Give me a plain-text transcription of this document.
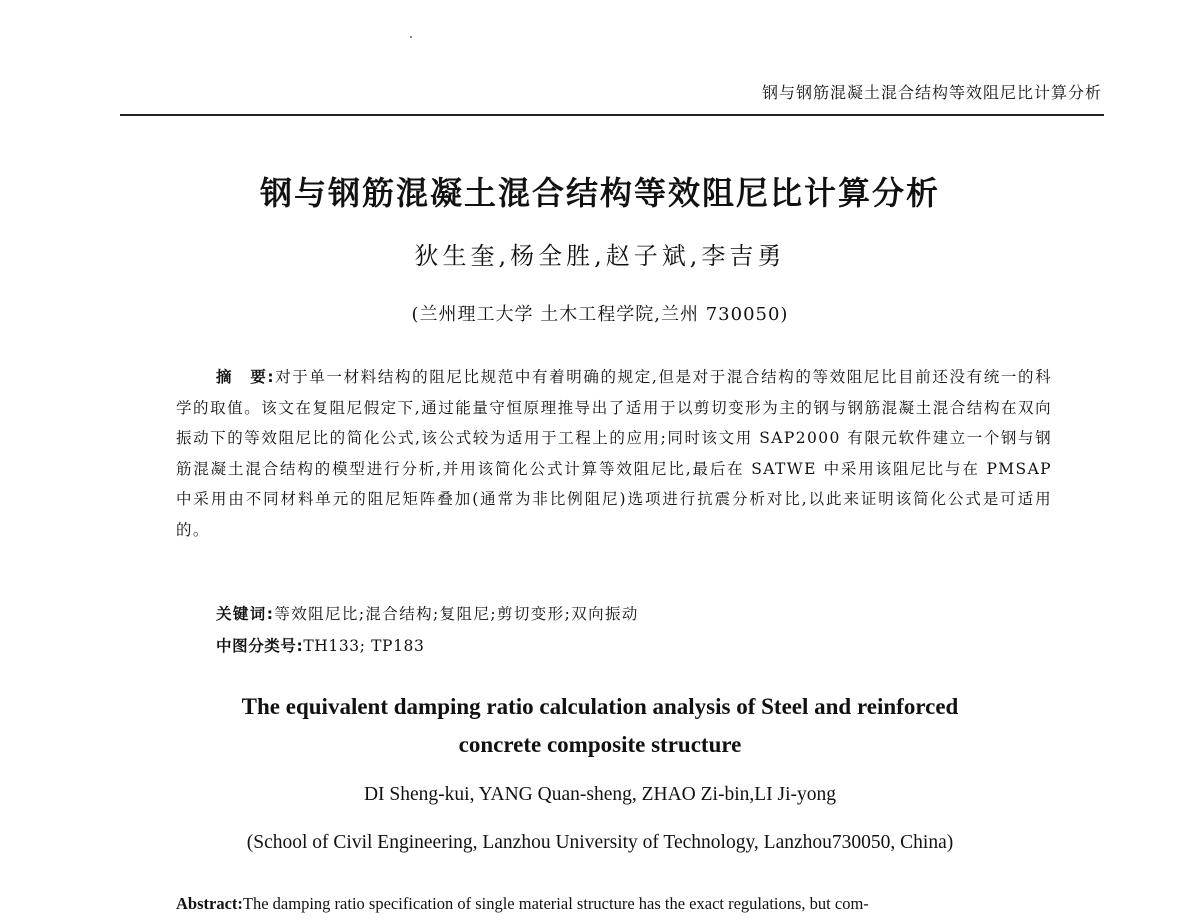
钢与钢筋混凝土混合结构等效阻尼比计算分析
钢与钢筋混凝土混合结构等效阻尼比计算分析
狄生奎,杨全胜,赵子斌,李吉勇
(兰州理工大学 土木工程学院,兰州 730050)

摘　要:对于单一材料结构的阻尼比规范中有着明确的规定,但是对于混合结构的等效阻尼比目前还没有统一的科学的取值。该文在复阻尼假定下,通过能量守恒原理推导出了适用于以剪切变形为主的钢与钢筋混凝土混合结构在双向振动下的等效阻尼比的简化公式,该公式较为适用于工程上的应用;同时该文用 SAP2000 有限元软件建立一个钢与钢筋混凝土混合结构的模型进行分析,并用该简化公式计算等效阻尼比,最后在 SATWE 中采用该阻尼比与在 PMSAP 中采用由不同材料单元的阻尼矩阵叠加(通常为非比例阻尼)选项进行抗震分析对比,以此来证明该简化公式是可适用的。

关键词:等效阻尼比;混合结构;复阻尼;剪切变形;双向振动
中图分类号:TH133; TP183
The equivalent damping ratio calculation analysis of Steel and reinforced
concrete composite structure
DI Sheng-kui, YANG Quan-sheng, ZHAO Zi-bin,LI Ji-yong
(School of Civil Engineering, Lanzhou University of Technology, Lanzhou730050, China)
Abstract:The damping ratio specification of single material structure has the exact regulations, but com-
